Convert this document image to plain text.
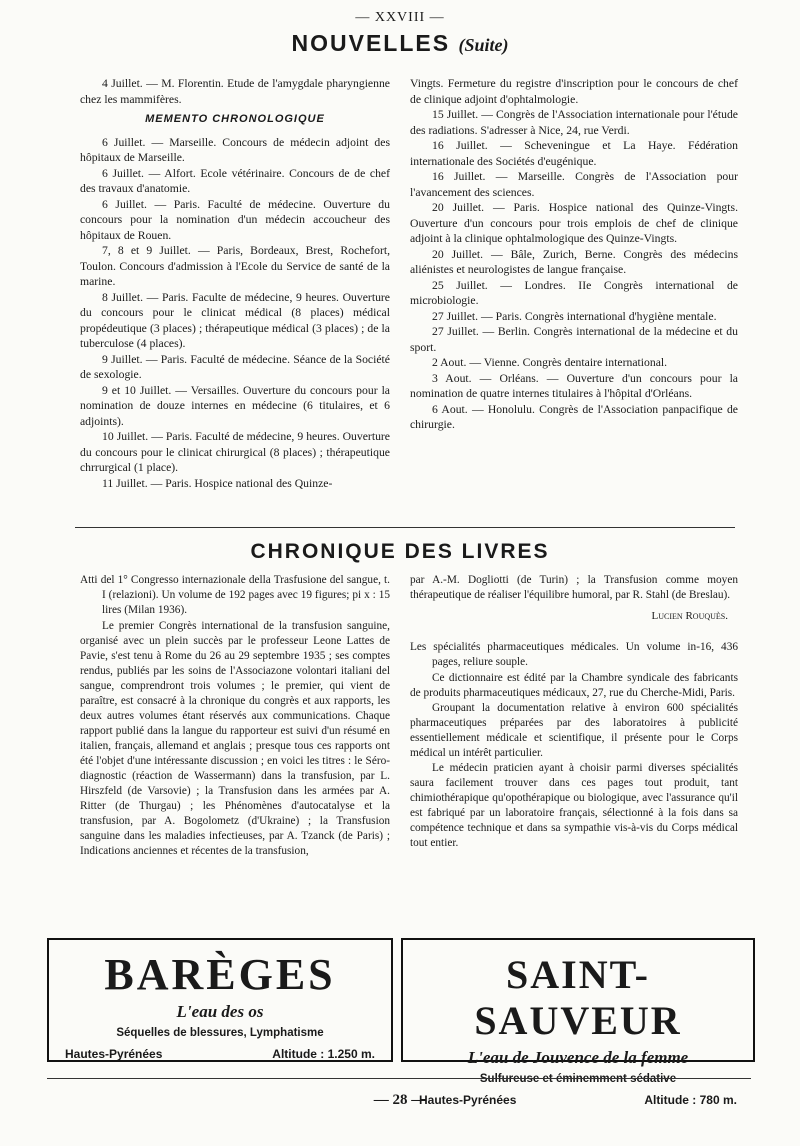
— XXVIII —
NOUVELLES (Suite)

4 Juillet. — M. Florentin. Etude de l'amygdale pharyngienne chez les mammifères.

MEMENTO CHRONOLOGIQUE

6 Juillet. — Marseille. Concours de médecin adjoint des hôpitaux de Marseille.

6 Juillet. — Alfort. Ecole vétérinaire. Concours de de chef des travaux d'anatomie.

6 Juillet. — Paris. Faculté de médecine. Ouverture du concours pour la nomination d'un médecin accoucheur des hôpitaux de Rouen.

7, 8 et 9 Juillet. — Paris, Bordeaux, Brest, Rochefort, Toulon. Concours d'admission à l'Ecole du Service de santé de la marine.

8 Juillet. — Paris. Faculte de médecine, 9 heures. Ouverture du concours pour le clinicat médical (8 places) médical propédeutique (3 places) ; thérapeutique médical (3 places) ; de la tuberculose (4 places).

9 Juillet. — Paris. Faculté de médecine. Séance de la Société de sexologie.

9 et 10 Juillet. — Versailles. Ouverture du concours pour la nomination de douze internes en médecine (6 titulaires, et 6 adjoints).

10 Juillet. — Paris. Faculté de médecine, 9 heures. Ouverture du concours pour le clinicat chirurgical (8 places) ; thérapeutique chrrurgical (1 place).

11 Juillet. — Paris. Hospice national des Quinze-

Vingts. Fermeture du registre d'inscription pour le concours de chef de clinique adjoint d'ophtalmologie.

15 Juillet. — Congrès de l'Association internationale pour l'étude des radiations. S'adresser à Nice, 24, rue Verdi.

16 Juillet. — Scheveningue et La Haye. Fédération internationale des Sociétés d'eugénique.

16 Juillet. — Marseille. Congrès de l'Association pour l'avancement des sciences.

20 Juillet. — Paris. Hospice national des Quinze-Vingts. Ouverture d'un concours pour trois emplois de chef de clinique adjoint à la clinique ophtalmologique des Quinze-Vingts.

20 Juillet. — Bâle, Zurich, Berne. Congrès des médecins aliénistes et neurologistes de langue française.

25 Juillet. — Londres. IIe Congrès international de microbiologie.

27 Juillet. — Paris. Congrès international d'hygiène mentale.

27 Juillet. — Berlin. Congrès international de la médecine et du sport.

2 Aout. — Vienne. Congrès dentaire international.

3 Aout. — Orléans. — Ouverture d'un concours pour la nomination de quatre internes titulaires à l'hôpital d'Orléans.

6 Aout. — Honolulu. Congrès de l'Association panpacifique de chirurgie.

CHRONIQUE DES LIVRES

Atti del 1° Congresso internazionale della Trasfusione del sangue, t. I (relazioni). Un volume de 192 pages avec 19 figures; pi x : 15 lires (Milan 1936).

Le premier Congrès international de la transfusion sanguine, organisé avec un plein succès par le professeur Leone Lattes de Pavie, s'est tenu à Rome du 26 au 29 septembre 1935 ; ses comptes rendus, publiés par les soins de l'Associazone volontari italiani del sangue, comprendront trois volumes ; le premier, qui vient de paraître, est consacré à la chronique du congrès et aux rapports, les deux autres volumes étant réservés aux communications. Chaque rapport publié dans la langue du rapporteur est suivi d'un résumé en italien, français, allemand et anglais ; presque tous ces rapports ont été l'objet d'une intéressante discussion ; en voici les titres : le Séro-diagnostic (réaction de Wassermann) dans la transfusion, par L. Hirszfeld (de Varsovie) ; la Transfusion dans les armées par A. Ritter (de Thurgau) ; les Phénomènes d'autocatalyse et la transfusion, par A. Bogolometz (d'Ukraine) ; la Transfusion sanguine dans les maladies infectieuses, par A. Tzanck (de Paris) ; Indications anciennes et récentes de la transfusion,

par A.-M. Dogliotti (de Turin) ; la Transfusion comme moyen thérapeutique de réaliser l'équilibre humoral, par R. Stahl (de Breslau).

Lucien Rouquès.

Les spécialités pharmaceutiques médicales. Un volume in-16, 436 pages, reliure souple.

Ce dictionnaire est édité par la Chambre syndicale des fabricants de produits pharmaceutiques médicaux, 27, rue du Cherche-Midi, Paris.

Groupant la documentation relative à environ 600 spécialités pharmaceutiques préparées par des laboratoires à publicité essentiellement médicale et scientifique, il présente pour le Corps médical un intérêt particulier.

Le médecin praticien ayant à choisir parmi diverses spécialités saura facilement trouver dans ces pages tout produit, tant chimiothérapique qu'opothérapique ou biologique, avec l'assurance qu'il est fabriqué par un laboratoire français, sélectionné à la fois dans sa compétence technique et dans sa sympathie vis-à-vis du Corps médical tout entier.

BARÈGES
L'eau des os
Séquelles de blessures, Lymphatisme
Hautes-Pyrénées	Altitude : 1.250 m.
SAINT-SAUVEUR
L'eau de Jouvence de la femme
Sulfureuse et éminemment sédative
Hautes-Pyrénées	Altitude : 780 m.
— 28 —
